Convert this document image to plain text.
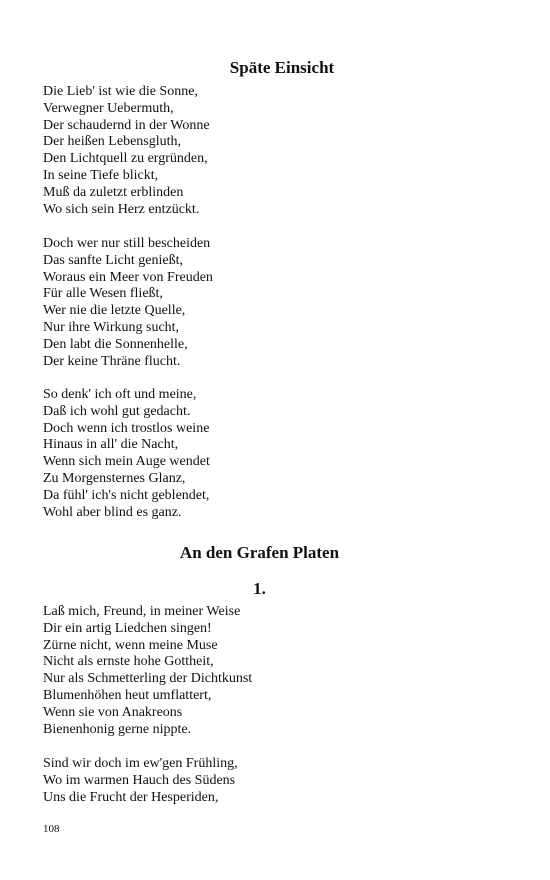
Späte Einsicht
Die Lieb' ist wie die Sonne,
Verwegner Uebermuth,
Der schaudernd in der Wonne
Der heißen Lebensgluth,
Den Lichtquell zu ergründen,
In seine Tiefe blickt,
Muß da zuletzt erblinden
Wo sich sein Herz entzückt.
Doch wer nur still bescheiden
Das sanfte Licht genießt,
Woraus ein Meer von Freuden
Für alle Wesen fließt,
Wer nie die letzte Quelle,
Nur ihre Wirkung sucht,
Den labt die Sonnenhelle,
Der keine Thräne flucht.
So denk' ich oft und meine,
Daß ich wohl gut gedacht.
Doch wenn ich trostlos weine
Hinaus in all' die Nacht,
Wenn sich mein Auge wendet
Zu Morgensternes Glanz,
Da fühl' ich's nicht geblendet,
Wohl aber blind es ganz.
An den Grafen Platen
1.
Laß mich, Freund, in meiner Weise
Dir ein artig Liedchen singen!
Zürne nicht, wenn meine Muse
Nicht als ernste hohe Gottheit,
Nur als Schmetterling der Dichtkunst
Blumenhöhen heut umflattert,
Wenn sie von Anakreons
Bienenhonig gerne nippte.
Sind wir doch im ew'gen Frühling,
Wo im warmen Hauch des Südens
Uns die Frucht der Hesperiden,
108
